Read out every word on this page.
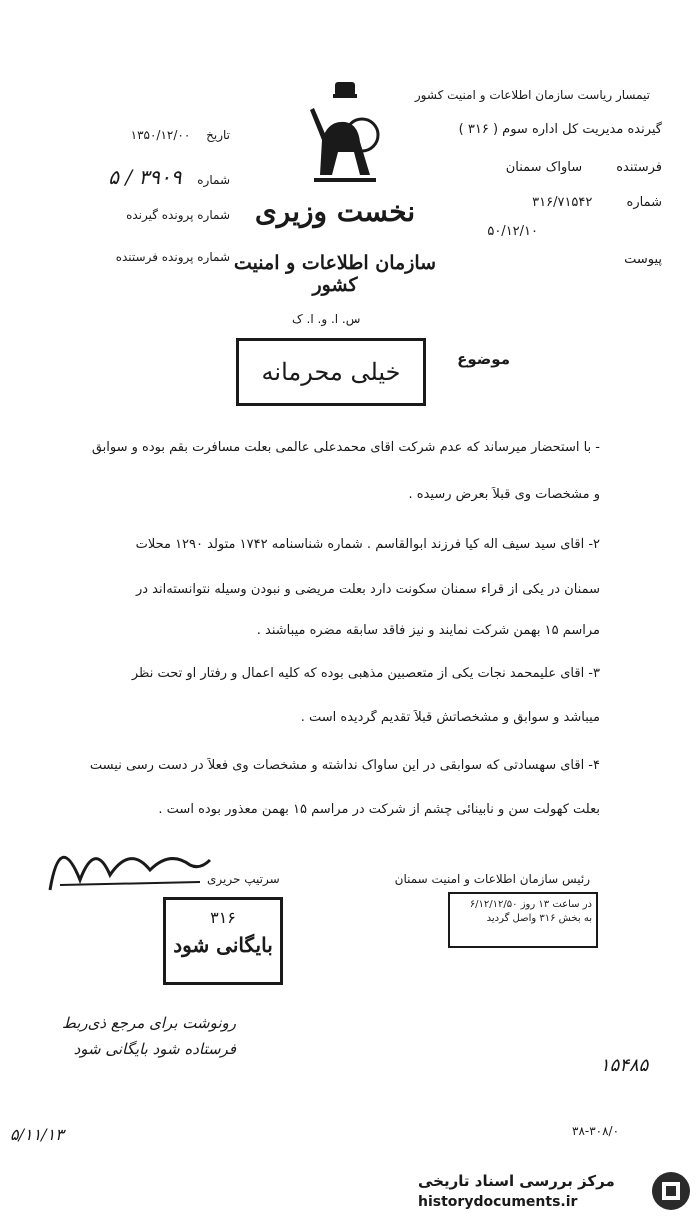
تیمسار ریاست سازمان اطلاعات و امنیت کشور
گیرنده مدیریت کل اداره سوم ( ۳۱۶ )
فرستنده ساواک سمنان
شماره ۳۱۶/۷۱۵۴۲
۵۰/۱۲/۱۰
پیوست
تاریخ ۱۳۵۰/۱۲/۰۰
شماره ۳۹۰۹ / ۵
شماره پرونده گیرنده
شماره پرونده فرستنده
نخست وزیری
سازمان اطلاعات و امنیت کشور
س. ا. و. ا. ک
موضوع
خیلی محرمانه
- با استحضار میرساند که عدم شرکت آقای محمدعلی عالمی بعلت مسافرت بقم بوده و سوابق
و مشخصات وی قبلاً بعرض رسیده .
۲- آقای سید سیف اله کیا فرزند ابوالقاسم . شماره شناسنامه ۱۷۴۲ متولد ۱۲۹۰ محلات
سمنان در یکی از قراء سمنان سکونت دارد بعلت مریضی و نبودن وسیله نتوانسته‌اند در
مراسم ۱۵ بهمن شرکت نمایند و نیز فاقد سابقه مضره میباشند .
۳- آقای علیمحمد نجات یکی از متعصبین مذهبی بوده که کلیه اعمال و رفتار او تحت نظر
میباشد و سوابق و مشخصاتش قبلاً تقدیم گردیده است .
۴- آقای سهسادتی که سوابقی در این ساواک نداشته و مشخصات وی فعلاً در دست رسی نیست
بعلت کهولت سن و نابینائی چشم از شرکت در مراسم ۱۵ بهمن معذور بوده است .
رئیس سازمان اطلاعات و امنیت سمنان
سرتیپ حریری
۳۱۶
بایگانی شود
در ساعت ۱۳ روز ۶/۱۲/۱۲/۵۰
به بخش ۳۱۶ واصل گردید
رونوشت برای مرجع ذی‌ربط فرستاده شود بایگانی شود
۵/۱۱/۱۳
۱۵۴۸۵
۳۸-۳۰۸/۰
مرکز بررسی اسناد تاریخی
historydocuments.ir
